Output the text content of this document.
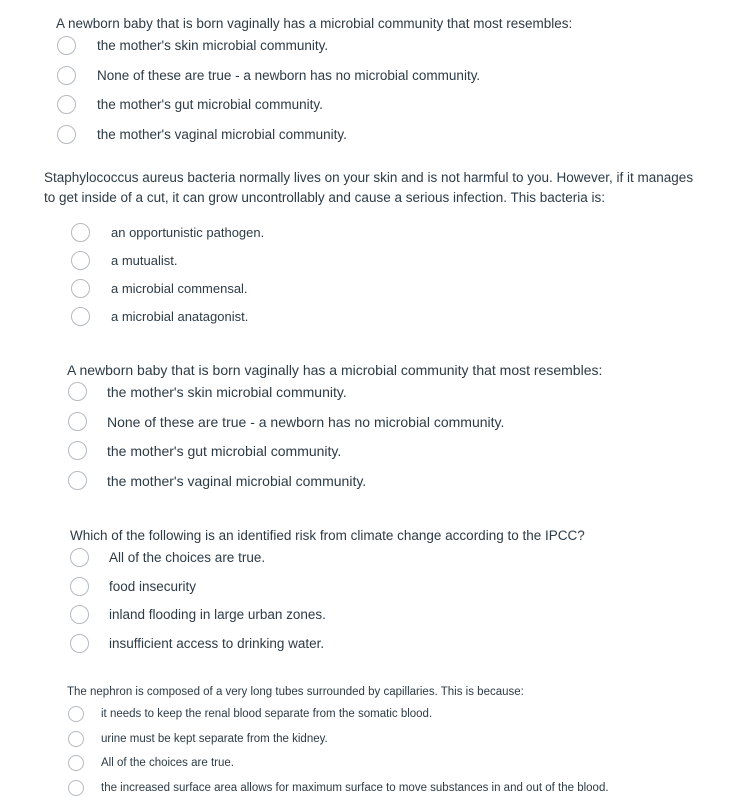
A newborn baby that is born vaginally has a microbial community that most resembles:

the mother's skin microbial community.
None of these are true - a newborn has no microbial community.
the mother's gut microbial community.
the mother's vaginal microbial community.

Staphylococcus aureus bacteria normally lives on your skin and is not harmful to you. However, if it manages to get inside of a cut, it can grow uncontrollably and cause a serious infection. This bacteria is:

an opportunistic pathogen.
a mutualist.
a microbial commensal.
a microbial anatagonist.

A newborn baby that is born vaginally has a microbial community that most resembles:

the mother's skin microbial community.
None of these are true - a newborn has no microbial community.
the mother's gut microbial community.
the mother's vaginal microbial community.

Which of the following is an identified risk from climate change according to the IPCC?

All of the choices are true.
food insecurity
inland flooding in large urban zones.
insufficient access to drinking water.

The nephron is composed of a very long tubes surrounded by capillaries. This is because:

it needs to keep the renal blood separate from the somatic blood.
urine must be kept separate from the kidney.
All of the choices are true.
the increased surface area allows for maximum surface to move substances in and out of the blood.
